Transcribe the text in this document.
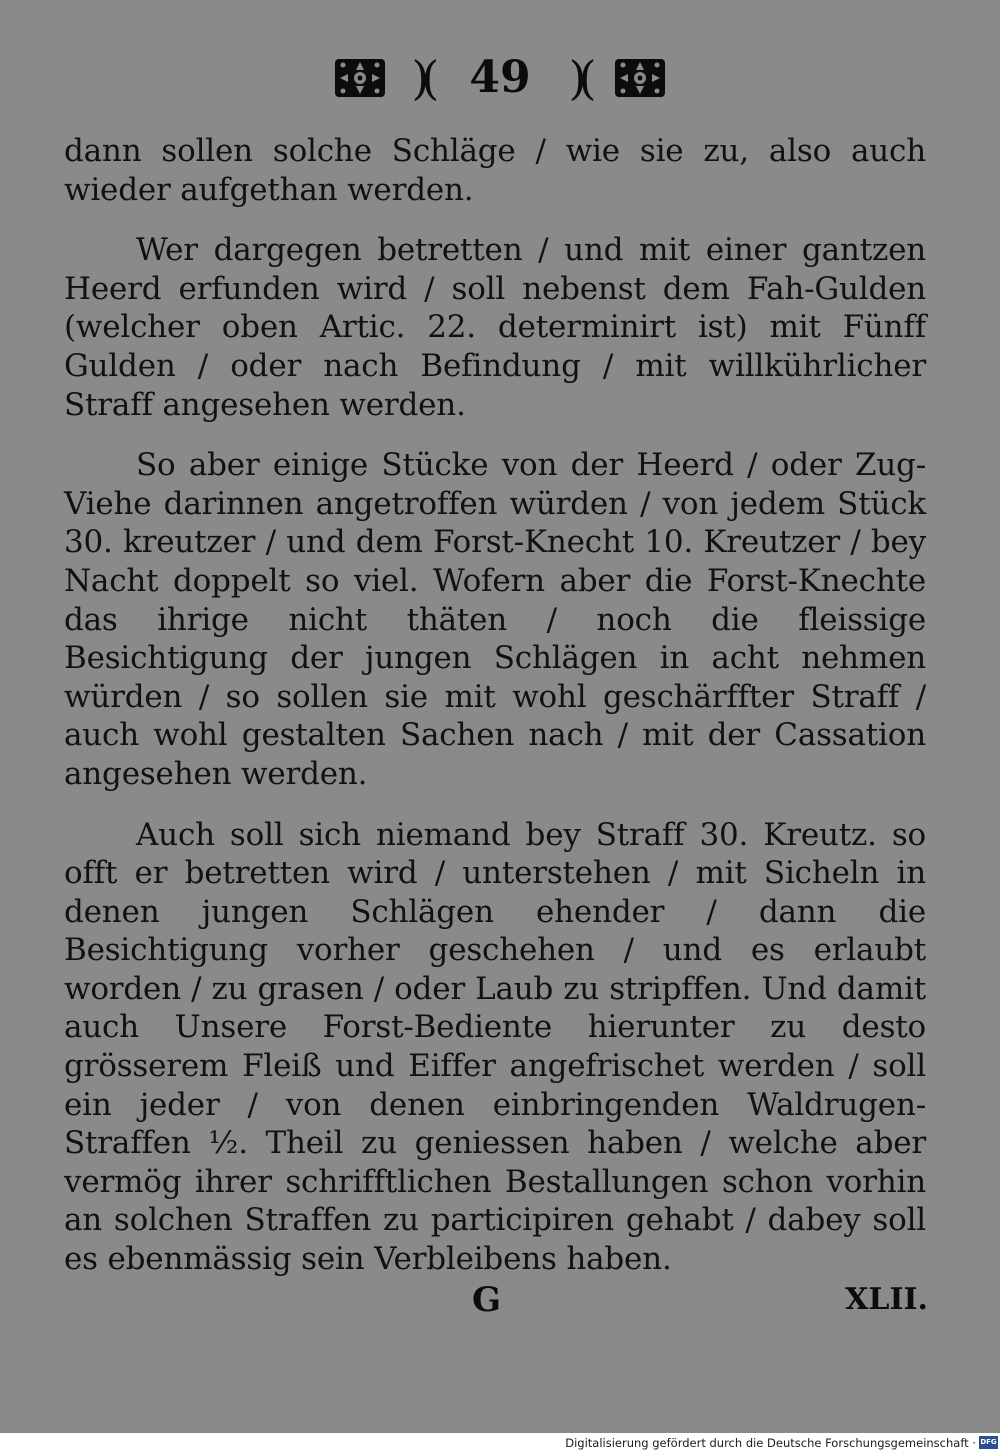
)( 49 )(

dann sollen solche Schläge / wie sie zu, also auch wieder aufgethan werden.

Wer dargegen betretten / und mit einer gantzen Heerd erfunden wird / soll nebenst dem Fah-Gulden (welcher oben Artic. 22. determinirt ist) mit Fünff Gulden / oder nach Befindung / mit willkührlicher Straff angesehen werden.

So aber einige Stücke von der Heerd / oder Zug-Viehe darinnen angetroffen würden / von jedem Stück 30. kreutzer / und dem Forst-Knecht 10. Kreutzer / bey Nacht doppelt so viel. Wofern aber die Forst-Knechte das ihrige nicht thäten / noch die fleissige Besichtigung der jungen Schlägen in acht nehmen würden / so sollen sie mit wohl geschärffter Straff / auch wohl gestalten Sachen nach / mit der Cassation angesehen werden.

Auch soll sich niemand bey Straff 30. Kreutz. so offt er betretten wird / unterstehen / mit Sicheln in denen jungen Schlägen ehender / dann die Besichtigung vorher geschehen / und es erlaubt worden / zu grasen / oder Laub zu stripffen. Und damit auch Unsere Forst-Bediente hierunter zu desto grösserem Fleiß und Eiffer angefrischet werden / soll ein jeder / von denen einbringenden Waldrugen-Straffen ½. Theil zu geniessen haben / welche aber vermög ihrer schrifftlichen Bestallungen schon vorhin an solchen Straffen zu participiren gehabt / dabey soll es ebenmässig sein Verbleibens haben.

G	XLII.
Digitalisierung gefördert durch die Deutsche Forschungsgemeinschaft · DFG
